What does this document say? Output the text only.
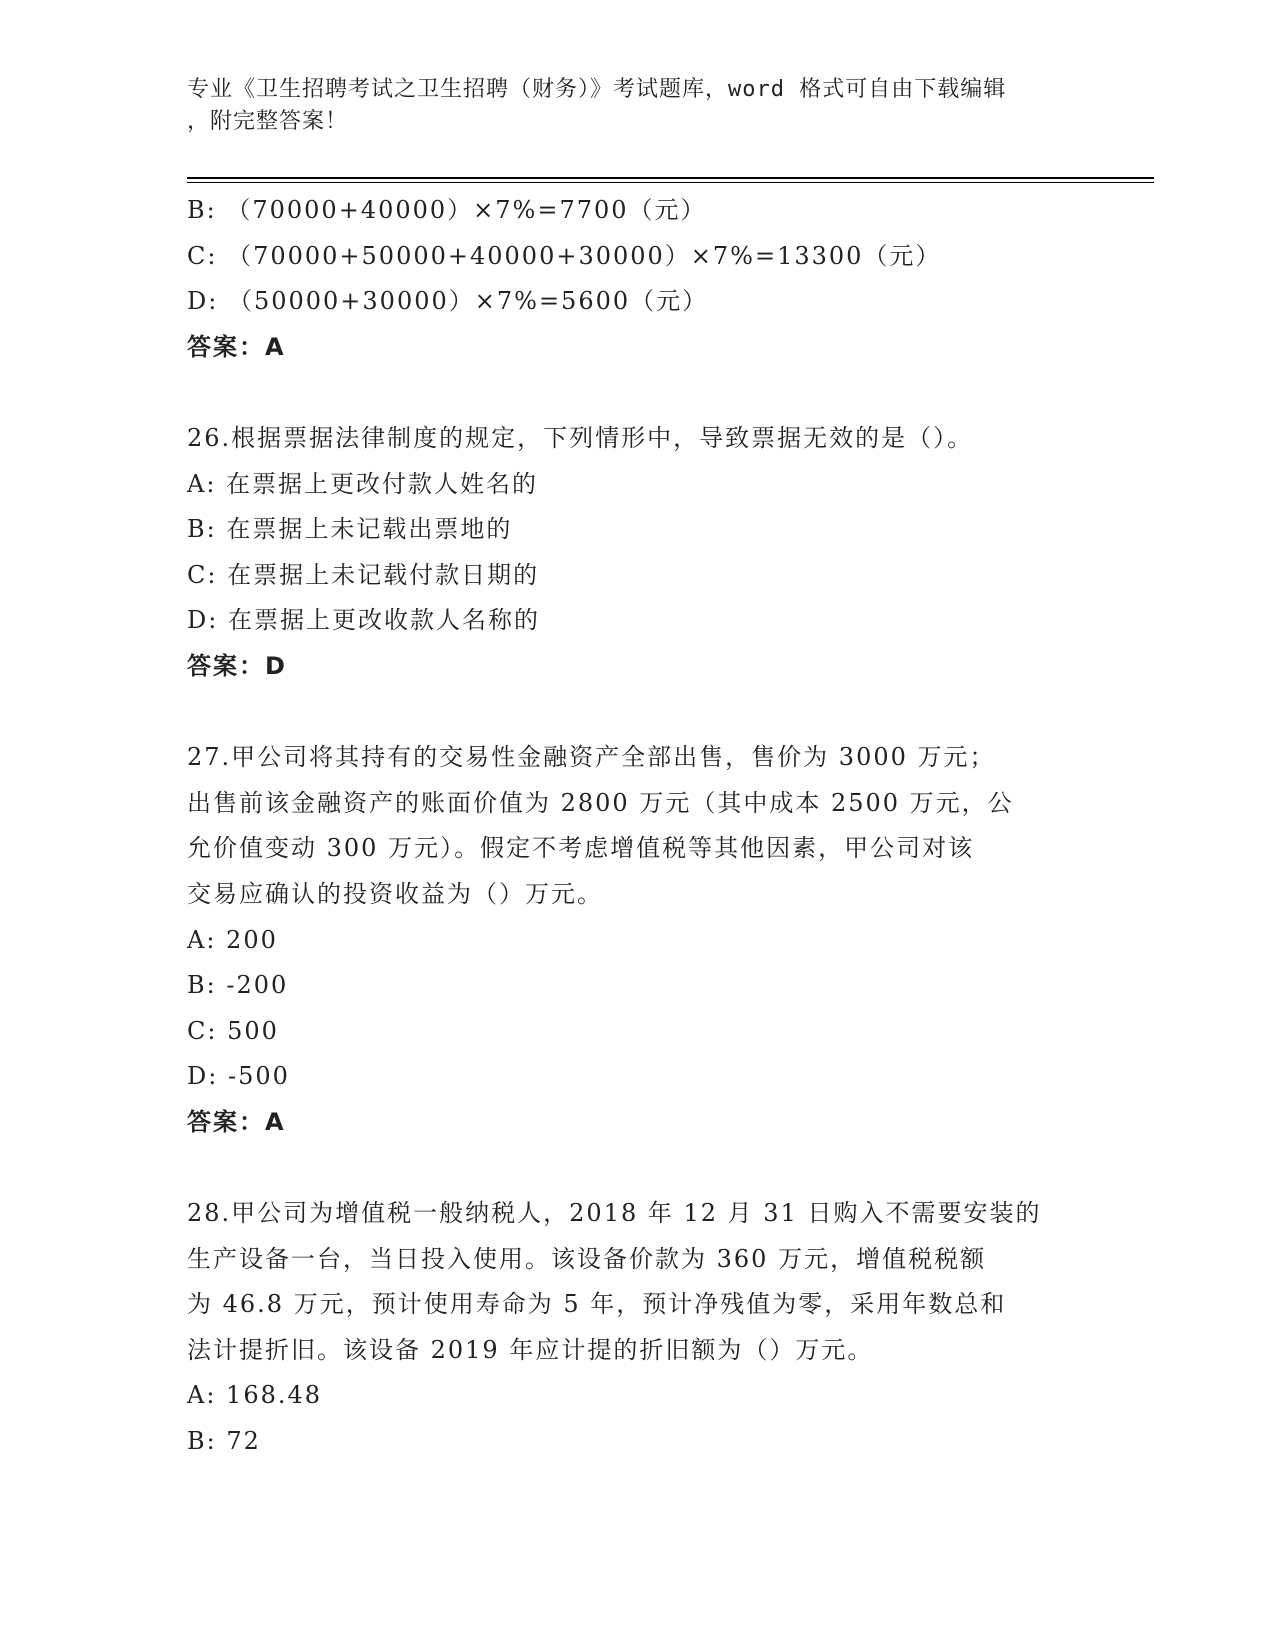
专业《卫生招聘考试之卫生招聘（财务）》考试题库，word 格式可自由下载编辑
，附完整答案！
B: （70000+40000）×7%=7700（元）
C: （70000+50000+40000+30000）×7%=13300（元）
D: （50000+30000）×7%=5600（元）
答案：A
26.根据票据法律制度的规定，下列情形中，导致票据无效的是（）。
A: 在票据上更改付款人姓名的
B: 在票据上未记载出票地的
C: 在票据上未记载付款日期的
D: 在票据上更改收款人名称的
答案：D
27.甲公司将其持有的交易性金融资产全部出售，售价为 3000 万元；
出售前该金融资产的账面价值为 2800 万元（其中成本 2500 万元，公
允价值变动 300 万元）。假定不考虑增值税等其他因素，甲公司对该
交易应确认的投资收益为（）万元。
A: 200
B: -200
C: 500
D: -500
答案：A
28.甲公司为增值税一般纳税人，2018 年 12 月 31 日购入不需要安装的
生产设备一台，当日投入使用。该设备价款为 360 万元，增值税税额
为 46.8 万元，预计使用寿命为 5 年，预计净残值为零，采用年数总和
法计提折旧。该设备 2019 年应计提的折旧额为（）万元。
A: 168.48
B: 72
